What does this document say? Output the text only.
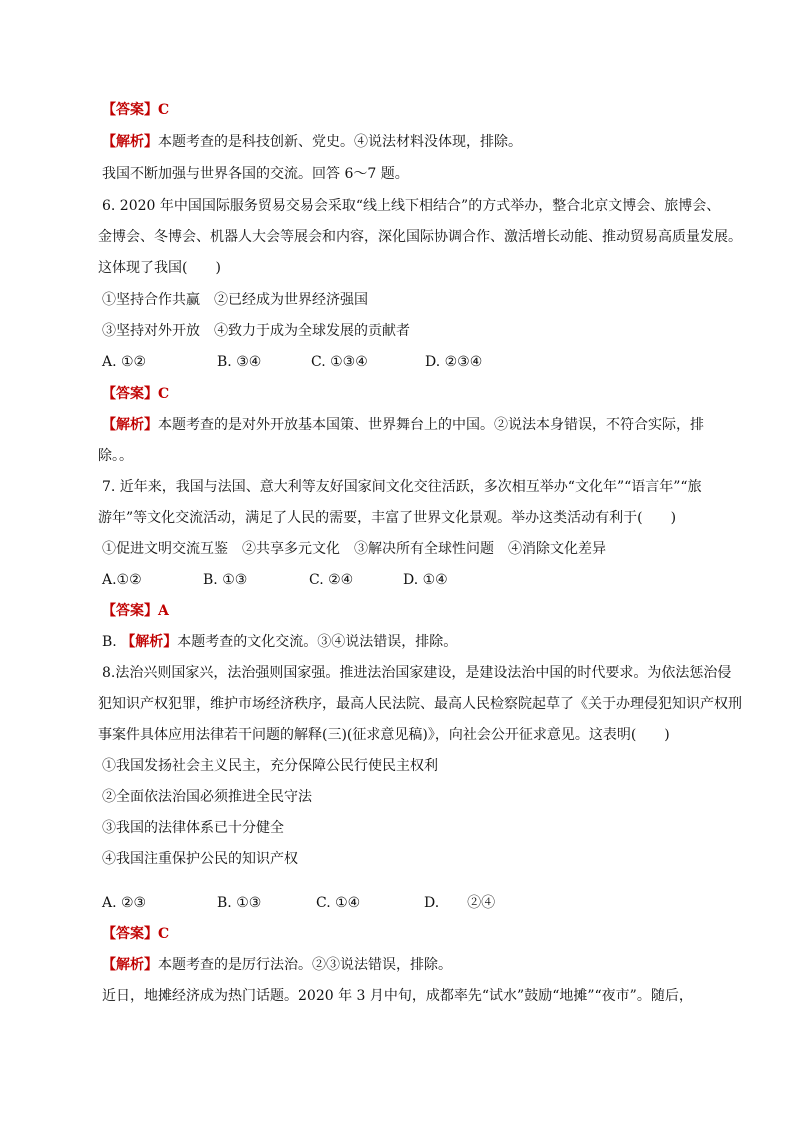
【答案】C
【解析】本题考查的是科技创新、党史。④说法材料没体现，排除。
我国不断加强与世界各国的交流。回答 6～7 题。
6. 2020 年中国国际服务贸易交易会采取“线上线下相结合”的方式举办，整合北京文博会、旅博会、
金博会、冬博会、机器人大会等展会和内容，深化国际协调合作、激活增长动能、推动贸易高质量发展。
这体现了我国(　　)
①坚持合作共赢　②已经成为世界经济强国
③坚持对外开放　④致力于成为全球发展的贡献者
A. ①②	B. ③④	C. ①③④	D. ②③④
【答案】C
【解析】本题考查的是对外开放基本国策、世界舞台上的中国。②说法本身错误，不符合实际，排
除。。
7. 近年来，我国与法国、意大利等友好国家间文化交往活跃，多次相互举办“文化年”“语言年”“旅
游年”等文化交流活动，满足了人民的需要，丰富了世界文化景观。举办这类活动有利于(　　)
①促进文明交流互鉴　②共享多元文化　③解决所有全球性问题　④消除文化差异
A.①②	B. ①③	C. ②④	D. ①④
【答案】A
B. 【解析】本题考查的文化交流。③④说法错误，排除。
8.法治兴则国家兴，法治强则国家强。推进法治国家建设，是建设法治中国的时代要求。为依法惩治侵
犯知识产权犯罪，维护市场经济秩序，最高人民法院、最高人民检察院起草了《关于办理侵犯知识产权刑
事案件具体应用法律若干问题的解释(三)(征求意见稿)》，向社会公开征求意见。这表明(　　)
①我国发扬社会主义民主，充分保障公民行使民主权利
②全面依法治国必须推进全民守法
③我国的法律体系已十分健全
④我国注重保护公民的知识产权
A. ②③	B. ①③	C. ①④	D.　　②④
【答案】C
【解析】本题考查的是厉行法治。②③说法错误，排除。
近日，地摊经济成为热门话题。2020 年 3 月中旬，成都率先“试水”鼓励“地摊”“夜市”。随后，
